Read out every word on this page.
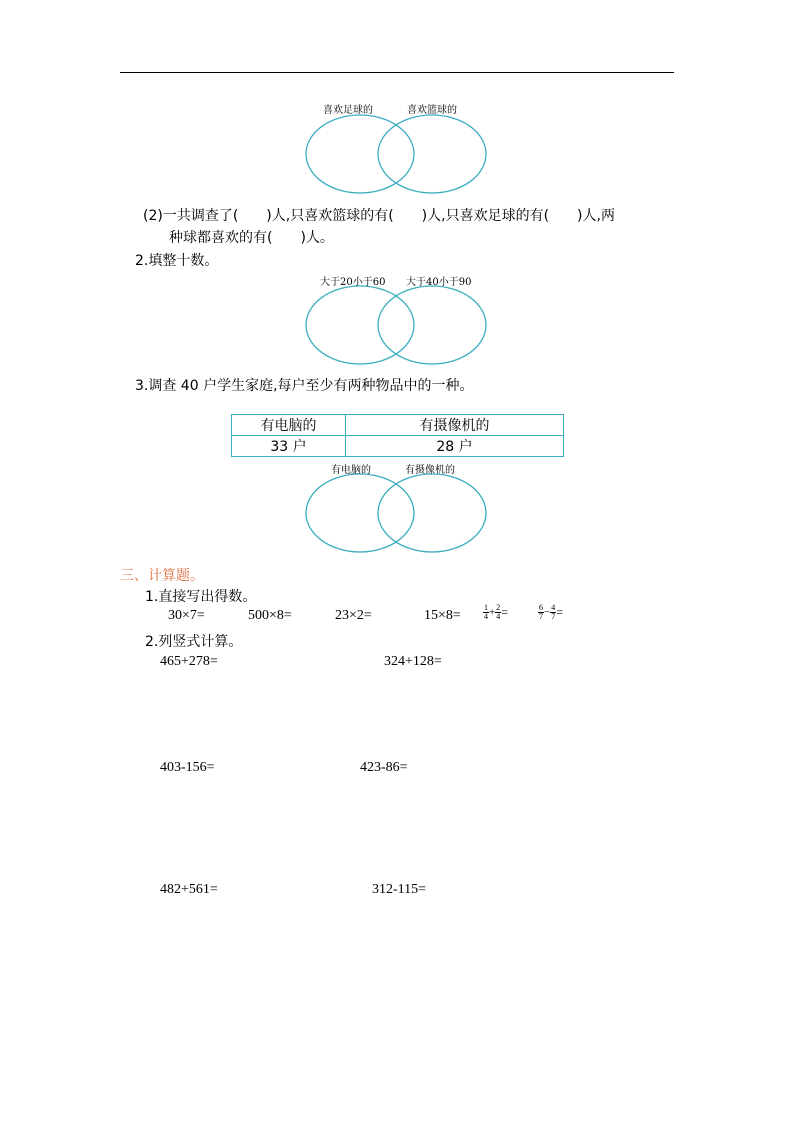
喜欢足球的	喜欢篮球的
(2)一共调查了(　　)人,只喜欢篮球的有(　　)人,只喜欢足球的有(　　)人,两
种球都喜欢的有(　　)人。
2.填整十数。
大于20小于60 大于40小于90
3.调查 40 户学生家庭,每户至少有两种物品中的一种。
有电脑的	有摄像机的
33 户	28 户
有电脑的	有摄像机的
三、计算题。
1.直接写出得数。
30×7=	500×8=	23×2=	15×8=	$\frac{1}{4} + \frac{2}{4}$ =	$\frac{6}{7} - \frac{4}{7}$ =
2.列竖式计算。
465+278=	324+128=
403-156=	423-86=
482+561=	312-115=
